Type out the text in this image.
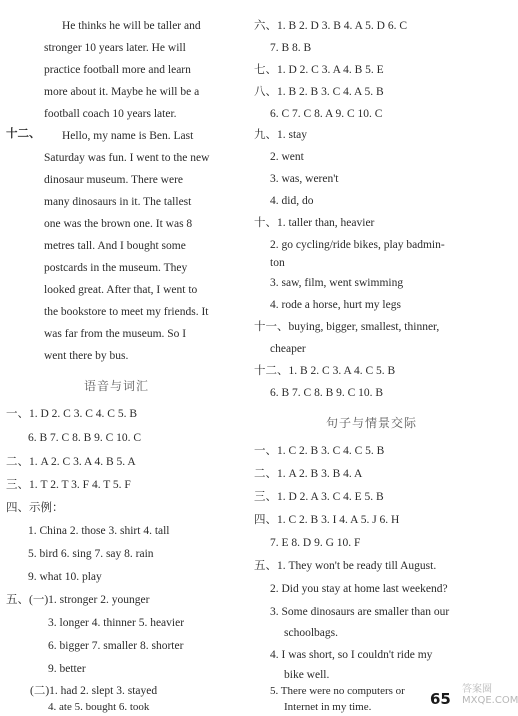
He thinks he will be taller and
stronger 10 years later. He will
practice football more and learn
more about it. Maybe he will be a
football coach 10 years later.
十二、 Hello, my name is Ben. Last
Saturday was fun. I went to the new
dinosaur museum. There were
many dinosaurs in it. The tallest
one was the brown one. It was 8
metres tall. And I bought some
postcards in the museum. They
looked great. After that, I went to
the bookstore to meet my friends. It
was far from the museum. So I
went there by bus.
语音与词汇
一、1. D 2. C 3. C 4. C 5. B
6. B 7. C 8. B 9. C 10. C
二、1. A 2. C 3. A 4. B 5. A
三、1. T 2. T 3. F 4. T 5. F
四、示例：
1. China 2. those 3. shirt 4. tall
5. bird 6. sing 7. say 8. rain
9. what 10. play
五、(一)1. stronger 2. younger
3. longer 4. thinner 5. heavier
6. bigger 7. smaller 8. shorter
9. better
(二)1. had 2. slept 3. stayed
4. ate 5. bought 6. took
六、1. B 2. D 3. B 4. A 5. D 6. C
7. B 8. B
七、1. D 2. C 3. A 4. B 5. E
八、1. B 2. B 3. C 4. A 5. B
6. C 7. C 8. A 9. C 10. C
九、1. stay
2. went
3. was, weren't
4. did, do
十、1. taller than, heavier
2. go cycling/ride bikes, play badmin-
ton
3. saw, film, went swimming
4. rode a horse, hurt my legs
十一、buying, bigger, smallest, thinner,
cheaper
十二、1. B 2. C 3. A 4. C 5. B
6. B 7. C 8. B 9. C 10. B
句子与情景交际
一、1. C 2. B 3. C 4. C 5. B
二、1. A 2. B 3. B 4. A
三、1. D 2. A 3. C 4. E 5. B
四、1. C 2. B 3. I 4. A 5. J 6. H
7. E 8. D 9. G 10. F
五、1. They won't be ready till August.
2. Did you stay at home last weekend?
3. Some dinosaurs are smaller than our
schoolbags.
4. I was short, so I couldn't ride my
bike well.
5. There were no computers or
Internet in my time.	65
答案圈 MXQE.COM
